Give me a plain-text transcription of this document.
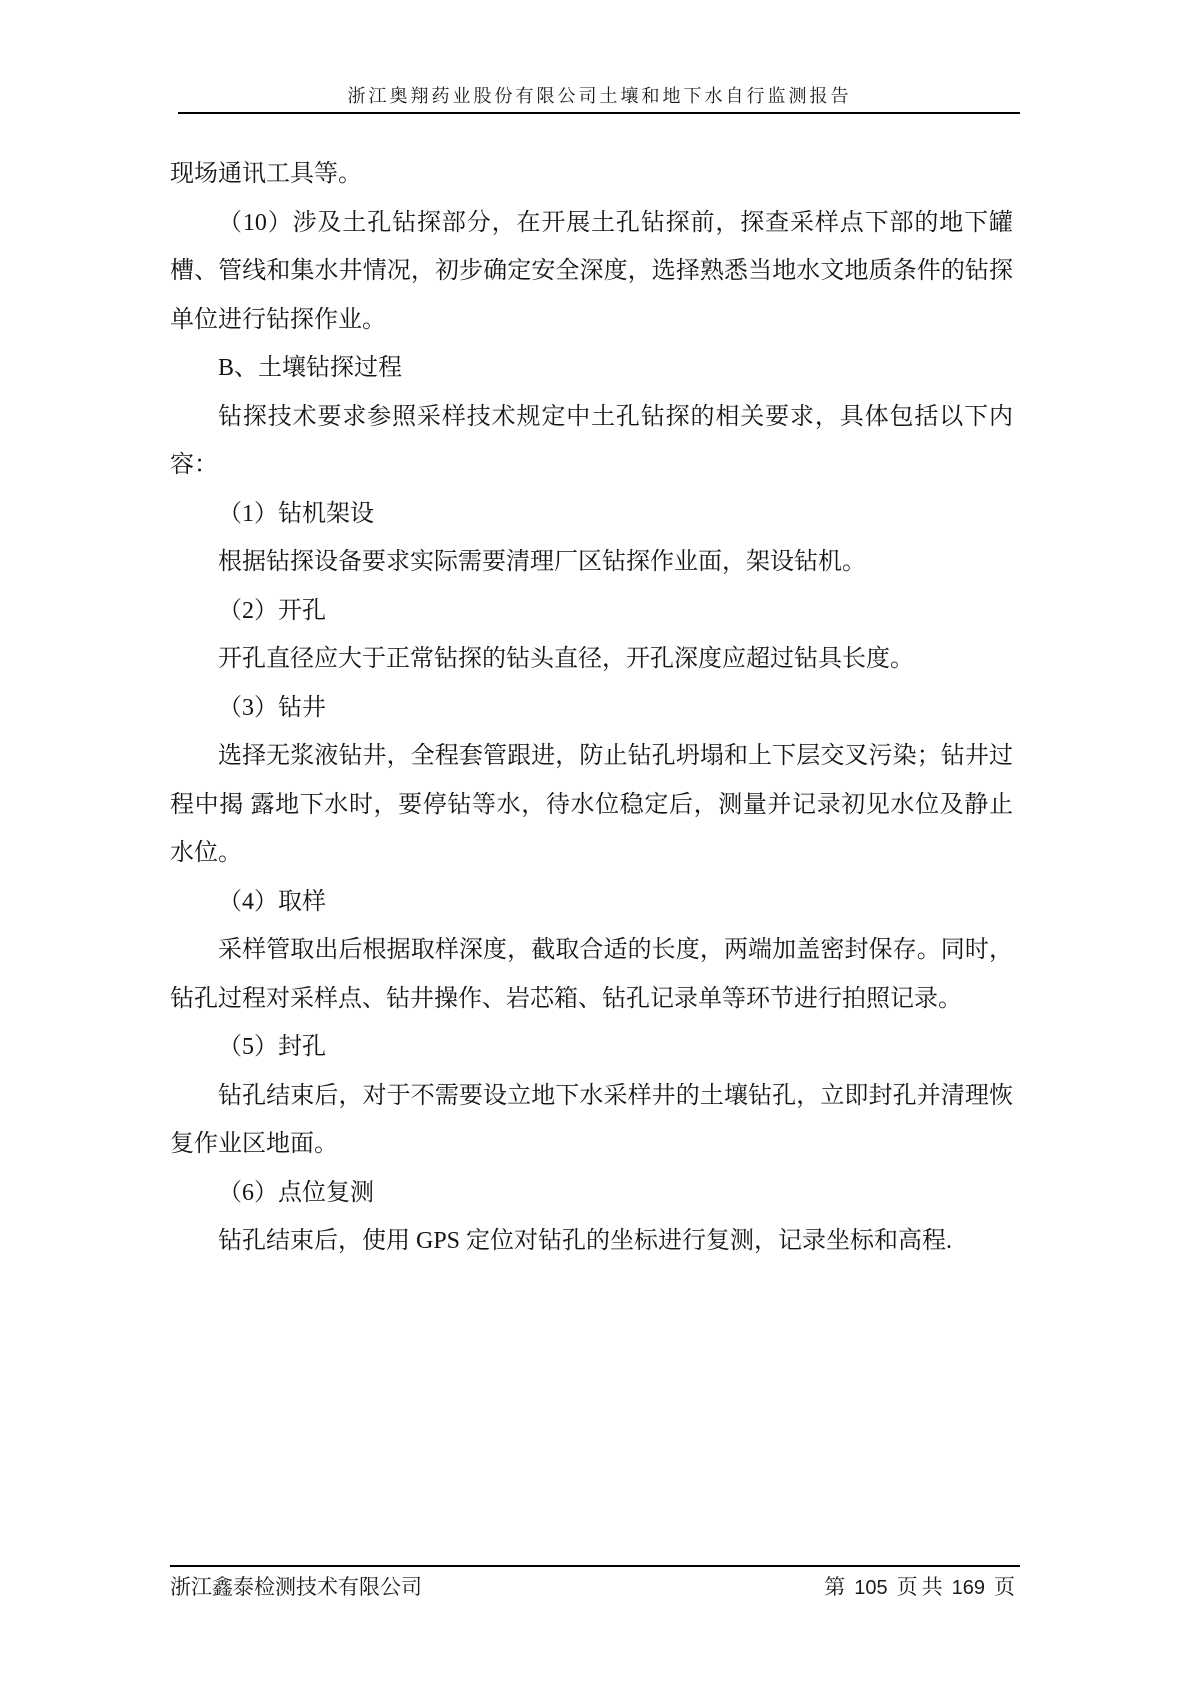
浙江奥翔药业股份有限公司土壤和地下水自行监测报告

现场通讯工具等。

（10）涉及土孔钻探部分，在开展土孔钻探前，探查采样点下部的地下罐槽、管线和集水井情况，初步确定安全深度，选择熟悉当地水文地质条件的钻探单位进行钻探作业。

B、土壤钻探过程

钻探技术要求参照采样技术规定中土孔钻探的相关要求，具体包括以下内容：

（1）钻机架设

根据钻探设备要求实际需要清理厂区钻探作业面，架设钻机。

（2）开孔

开孔直径应大于正常钻探的钻头直径，开孔深度应超过钻具长度。

（3）钻井

选择无浆液钻井，全程套管跟进，防止钻孔坍塌和上下层交叉污染；钻井过程中揭 露地下水时，要停钻等水，待水位稳定后，测量并记录初见水位及静止水位。

（4）取样

采样管取出后根据取样深度，截取合适的长度，两端加盖密封保存。同时，钻孔过程对采样点、钻井操作、岩芯箱、钻孔记录单等环节进行拍照记录。

（5）封孔

钻孔结束后，对于不需要设立地下水采样井的土壤钻孔，立即封孔并清理恢复作业区地面。

（6）点位复测

钻孔结束后，使用 GPS 定位对钻孔的坐标进行复测，记录坐标和高程.

浙江鑫泰检测技术有限公司	第 105 页 共 169 页
